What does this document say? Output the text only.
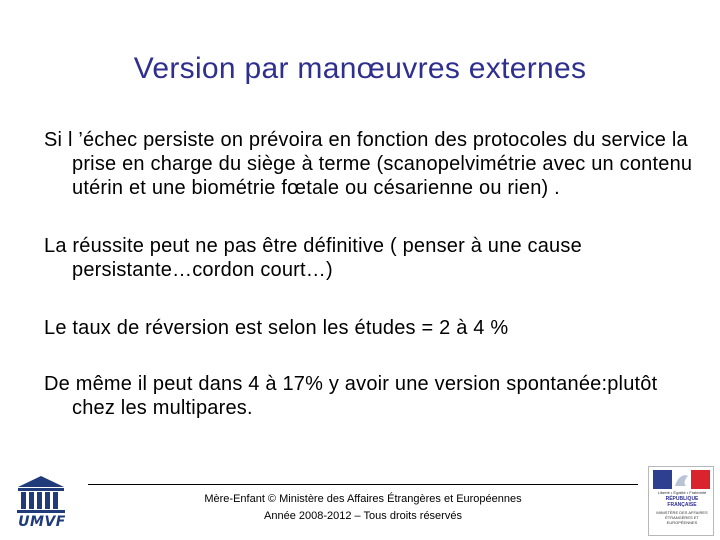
Version par manœuvres externes

Si l ’échec persiste on prévoira en fonction des protocoles du service la prise en charge du siège à terme (scanopelvimétrie avec un contenu utérin et une biométrie fœtale ou césarienne ou rien) .

La réussite peut ne pas être définitive ( penser à une cause persistante…cordon court…)

Le taux de réversion est selon les études = 2 à 4 %

De même il peut dans 4 à 17% y avoir une version spontanée:plutôt chez les multipares.

UMVF
Mère-Enfant © Ministère des Affaires Étrangères et Européennes
Année 2008-2012 – Tous droits réservés
Liberté • Égalité • Fraternité
RÉPUBLIQUE FRANÇAISE
MINISTÈRE DES AFFAIRES ÉTRANGÈRES ET EUROPÉENNES
